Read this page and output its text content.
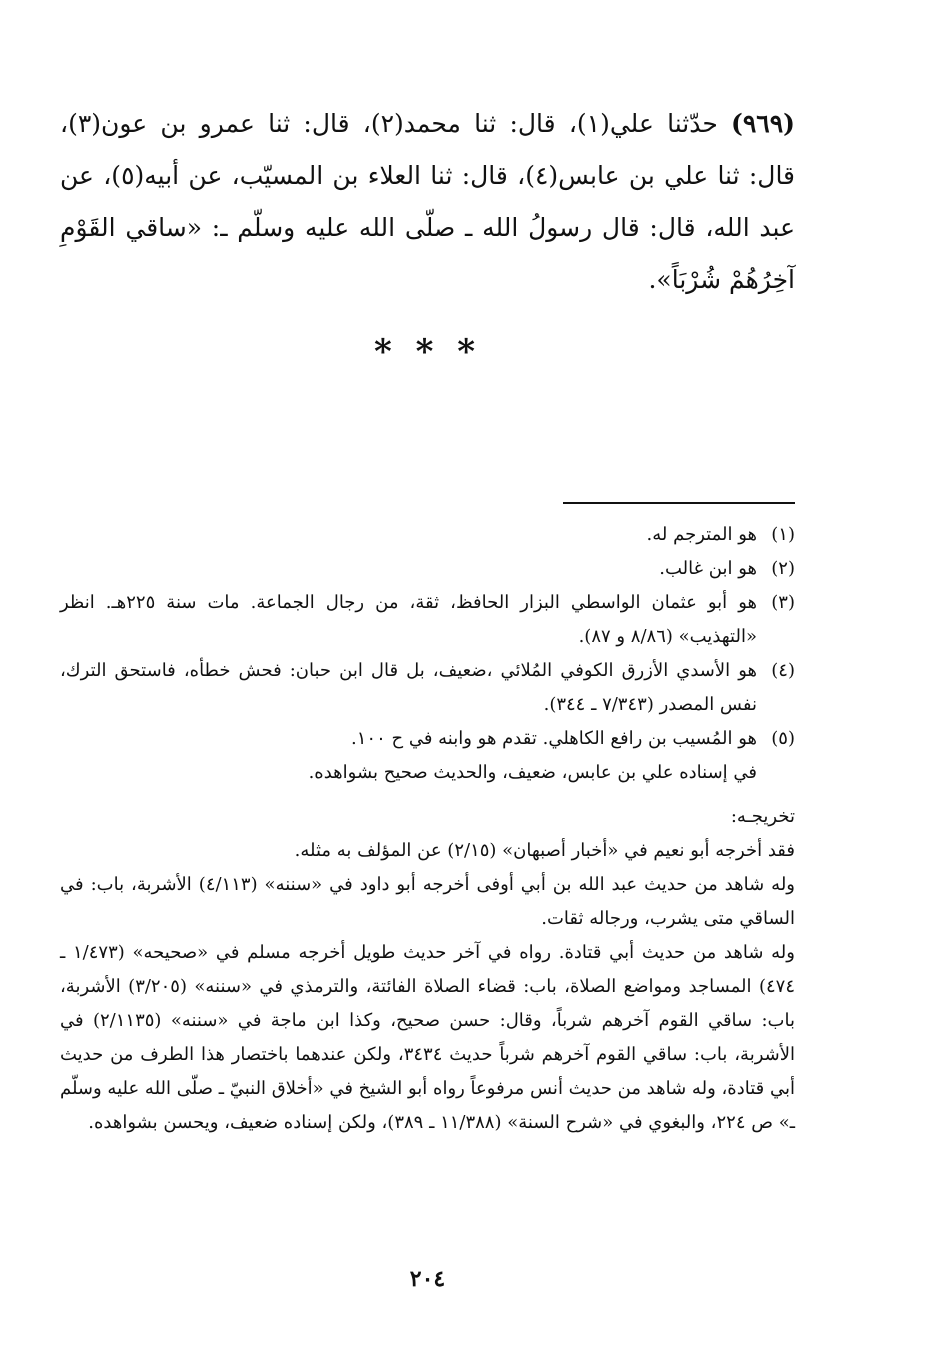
(٩٦٩) حدّثنا علي(١)، قال: ثنا محمد(٢)، قال: ثنا عمرو بن عون(٣)، قال: ثنا علي بن عابس(٤)، قال: ثنا العلاء بن المسيّب، عن أبيه(٥)، عن عبد الله، قال: قال رسولُ الله ـ صلّى الله عليه وسلّم ـ: «ساقي القَوْمِ آخِرُهُمْ شُرْبَاً».

* * *
(١)
هو المترجم له.
(٢)
هو ابن غالب.
(٣)
هو أبو عثمان الواسطي البزار الحافظ، ثقة، من رجال الجماعة. مات سنة ٢٢٥هـ. انظر «التهذيب» (٨/٨٦ و ٨٧).
(٤)
هو الأسدي الأزرق الكوفي المُلائي ،ضعيف، بل قال ابن حبان: فحش خطأه، فاستحق الترك، نفس المصدر (٧/٣٤٣ ـ ٣٤٤).
(٥)
هو المُسيب بن رافع الكاهلي. تقدم هو وابنه في ح ١٠٠.
في إسناده علي بن عابس، ضعيف، والحديث صحيح بشواهده.
تخريجـه:

فقد أخرجه أبو نعيم في «أخبار أصبهان» (٢/١٥) عن المؤلف به مثله.

وله شاهد من حديث عبد الله بن أبي أوفى أخرجه أبو داود في «سننه» (٤/١١٣) الأشربة، باب: في الساقي متى يشرب، ورجاله ثقات.

وله شاهد من حديث أبي قتادة. رواه في آخر حديث طويل أخرجه مسلم في «صحيحه» (١/٤٧٣ ـ ٤٧٤) المساجد ومواضع الصلاة، باب: قضاء الصلاة الفائتة، والترمذي في «سننه» (٣/٢٠٥) الأشربة، باب: ساقي القوم آخرهم شرباً، وقال: حسن صحيح، وكذا ابن ماجة في «سننه» (٢/١١٣٥) في الأشربة، باب: ساقي القوم آخرهم شرباً حديث ٣٤٣٤، ولكن عندهما باختصار هذا الطرف من حديث أبي قتادة، وله شاهد من حديث أنس مرفوعاً رواه أبو الشيخ في «أخلاق النبيّ ـ صلّى الله عليه وسلّم ـ» ص ٢٢٤، والبغوي في «شرح السنة» (١١/٣٨٨ ـ ٣٨٩)، ولكن إسناده ضعيف، ويحسن بشواهده.

٢٠٤
